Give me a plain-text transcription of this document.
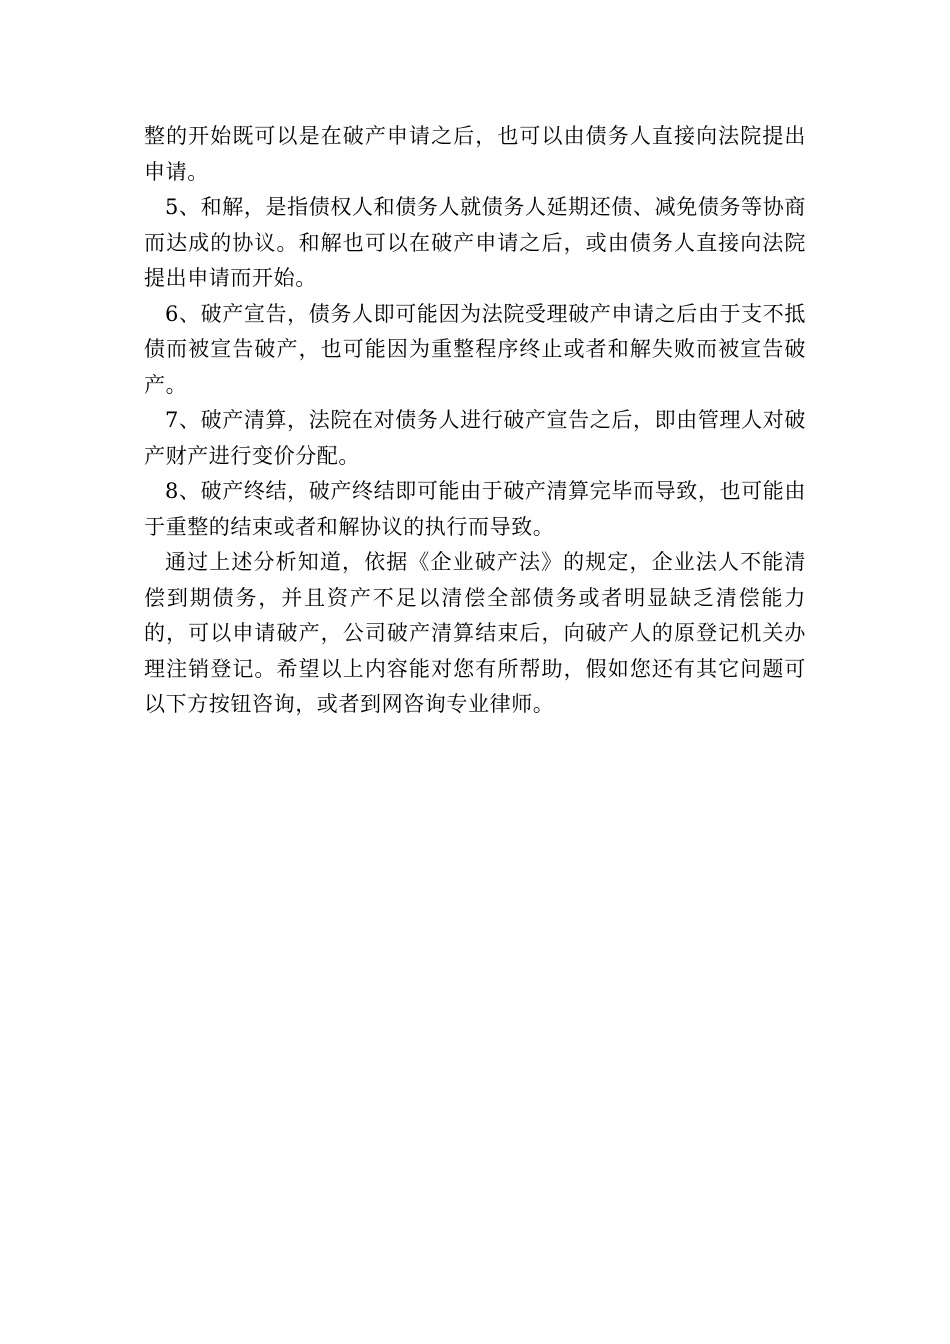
整的开始既可以是在破产申请之后，也可以由债务人直接向法院提出申请。

5、和解，是指债权人和债务人就债务人延期还债、减免债务等协商而达成的协议。和解也可以在破产申请之后，或由债务人直接向法院提出申请而开始。

6、破产宣告，债务人即可能因为法院受理破产申请之后由于支不抵债而被宣告破产，也可能因为重整程序终止或者和解失败而被宣告破产。

7、破产清算，法院在对债务人进行破产宣告之后，即由管理人对破产财产进行变价分配。

8、破产终结，破产终结即可能由于破产清算完毕而导致，也可能由于重整的结束或者和解协议的执行而导致。

通过上述分析知道，依据《企业破产法》的规定，企业法人不能清偿到期债务，并且资产不足以清偿全部债务或者明显缺乏清偿能力的，可以申请破产，公司破产清算结束后，向破产人的原登记机关办理注销登记。希望以上内容能对您有所帮助，假如您还有其它问题可以下方按钮咨询，或者到网咨询专业律师。
